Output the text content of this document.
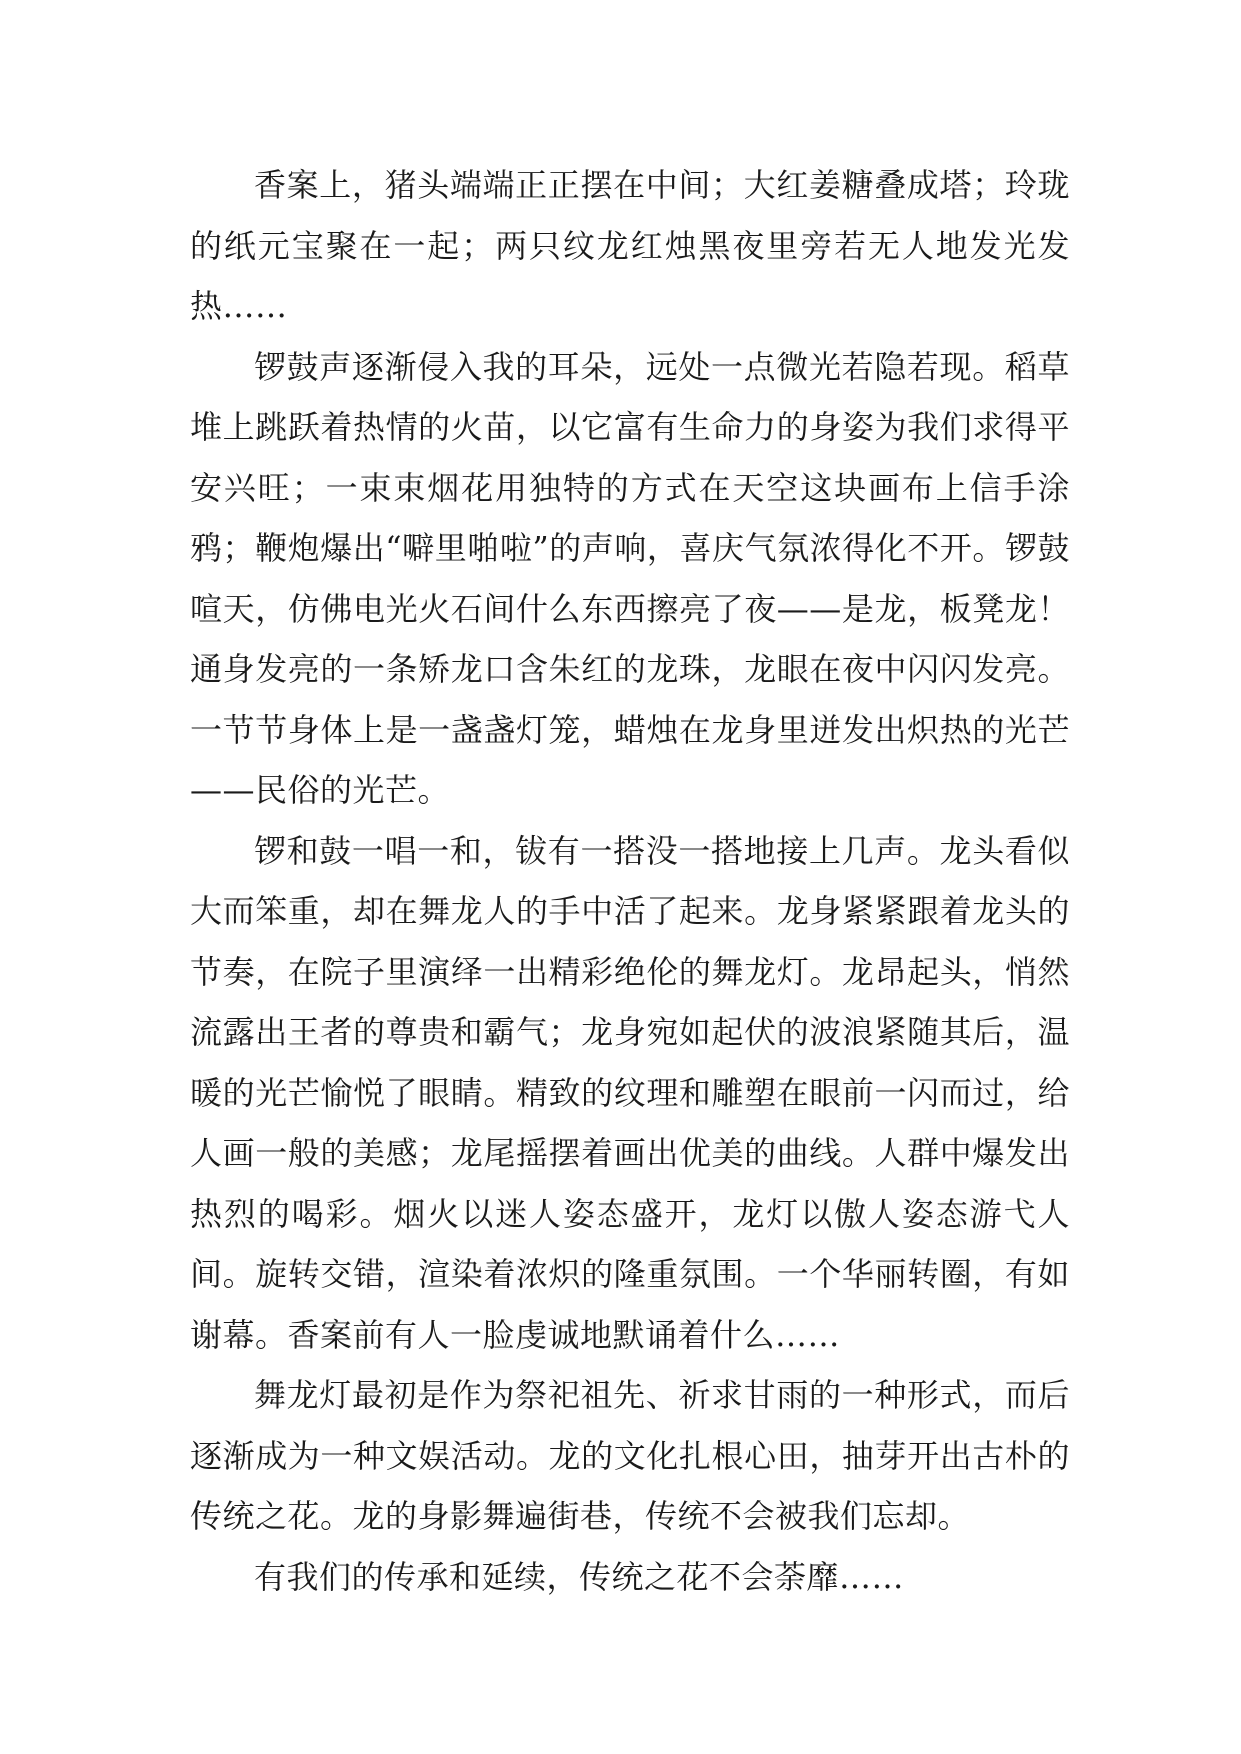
香案上，猪头端端正正摆在中间；大红姜糖叠成塔；玲珑的纸元宝聚在一起；两只纹龙红烛黑夜里旁若无人地发光发热……

锣鼓声逐渐侵入我的耳朵，远处一点微光若隐若现。稻草堆上跳跃着热情的火苗，以它富有生命力的身姿为我们求得平安兴旺；一束束烟花用独特的方式在天空这块画布上信手涂鸦；鞭炮爆出“噼里啪啦”的声响，喜庆气氛浓得化不开。锣鼓喧天，仿佛电光火石间什么东西擦亮了夜——是龙，板凳龙！通身发亮的一条矫龙口含朱红的龙珠，龙眼在夜中闪闪发亮。一节节身体上是一盏盏灯笼，蜡烛在龙身里迸发出炽热的光芒——民俗的光芒。

锣和鼓一唱一和，钹有一搭没一搭地接上几声。龙头看似大而笨重，却在舞龙人的手中活了起来。龙身紧紧跟着龙头的节奏，在院子里演绎一出精彩绝伦的舞龙灯。龙昂起头，悄然流露出王者的尊贵和霸气；龙身宛如起伏的波浪紧随其后，温暖的光芒愉悦了眼睛。精致的纹理和雕塑在眼前一闪而过，给人画一般的美感；龙尾摇摆着画出优美的曲线。人群中爆发出热烈的喝彩。烟火以迷人姿态盛开，龙灯以傲人姿态游弋人间。旋转交错，渲染着浓炽的隆重氛围。一个华丽转圈，有如谢幕。香案前有人一脸虔诚地默诵着什么……

舞龙灯最初是作为祭祀祖先、祈求甘雨的一种形式，而后逐渐成为一种文娱活动。龙的文化扎根心田，抽芽开出古朴的传统之花。龙的身影舞遍街巷，传统不会被我们忘却。

有我们的传承和延续，传统之花不会荼靡……
